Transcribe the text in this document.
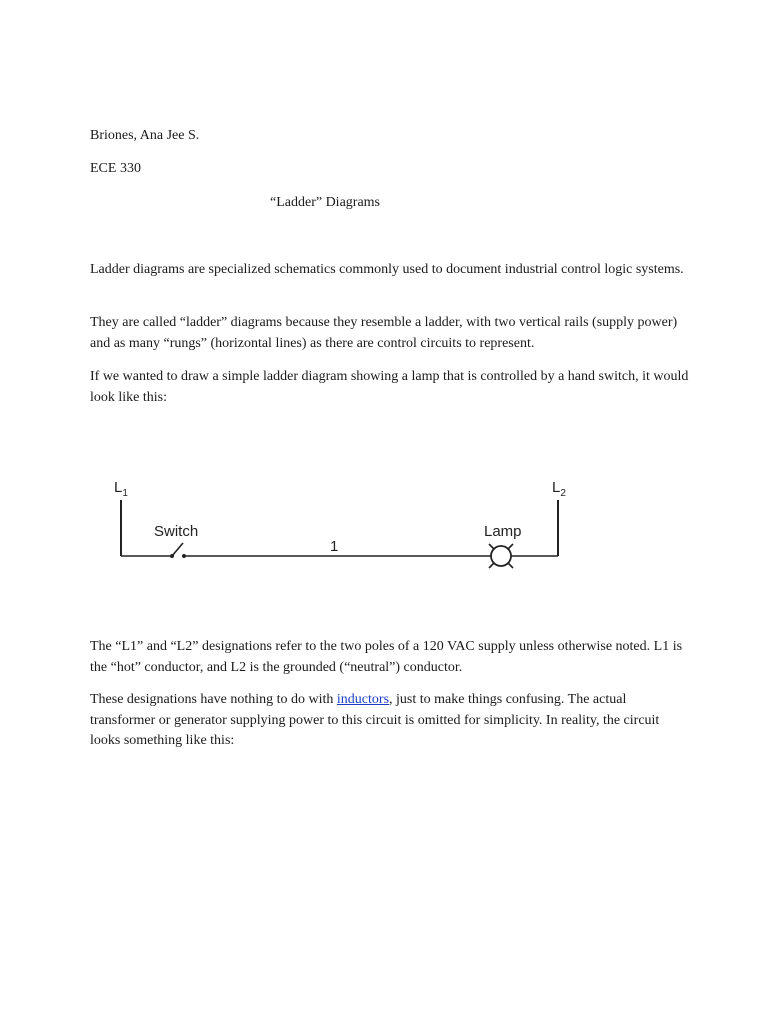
Briones, Ana Jee S.
ECE 330
“Ladder” Diagrams
Ladder diagrams are specialized schematics commonly used to document industrial control logic systems.
They are called “ladder” diagrams because they resemble a ladder, with two vertical rails (supply power) and as many “rungs” (horizontal lines) as there are control circuits to represent.
If we wanted to draw a simple ladder diagram showing a lamp that is controlled by a hand switch, it would look like this:
$L_1$	$L_2$
Switch
1
Lamp
The “L1” and “L2” designations refer to the two poles of a 120 VAC supply unless otherwise noted. L1 is the “hot” conductor, and L2 is the grounded (“neutral”) conductor.
These designations have nothing to do with inductors, just to make things confusing. The actual transformer or generator supplying power to this circuit is omitted for simplicity. In reality, the circuit looks something like this:
